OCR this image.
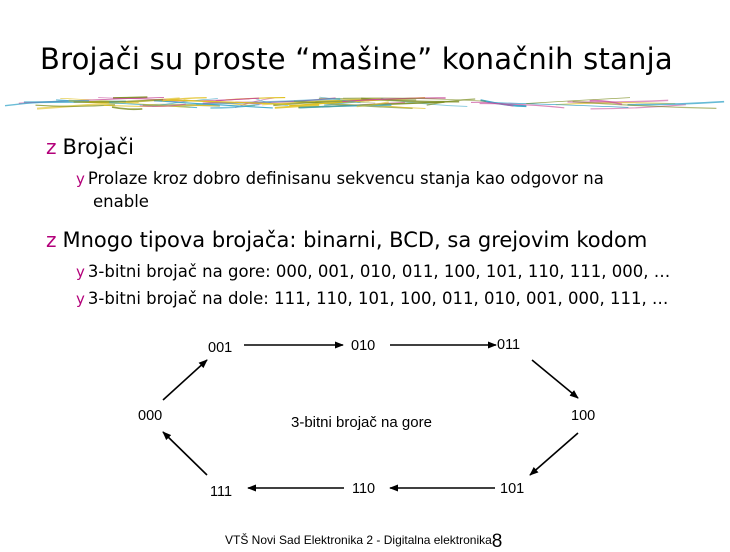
Brojači su proste “mašine” konačnih stanja
z Brojači
y Prolaze kroz dobro definisanu sekvencu stanja kao odgovor na
enable
z Mnogo tipova brojača: binarni, BCD, sa grejovim kodom
y 3-bitni brojač na gore: 000, 001, 010, 011, 100, 101, 110, 111, 000, …
y 3-bitni brojač na dole: 111, 110, 101, 100, 011, 010, 001, 000, 111, …
000
001	010	011
100
101
110
111
3-bitni brojač na gore
VTŠ Novi Sad Elektronika 2 - Digitalna elektronika8
